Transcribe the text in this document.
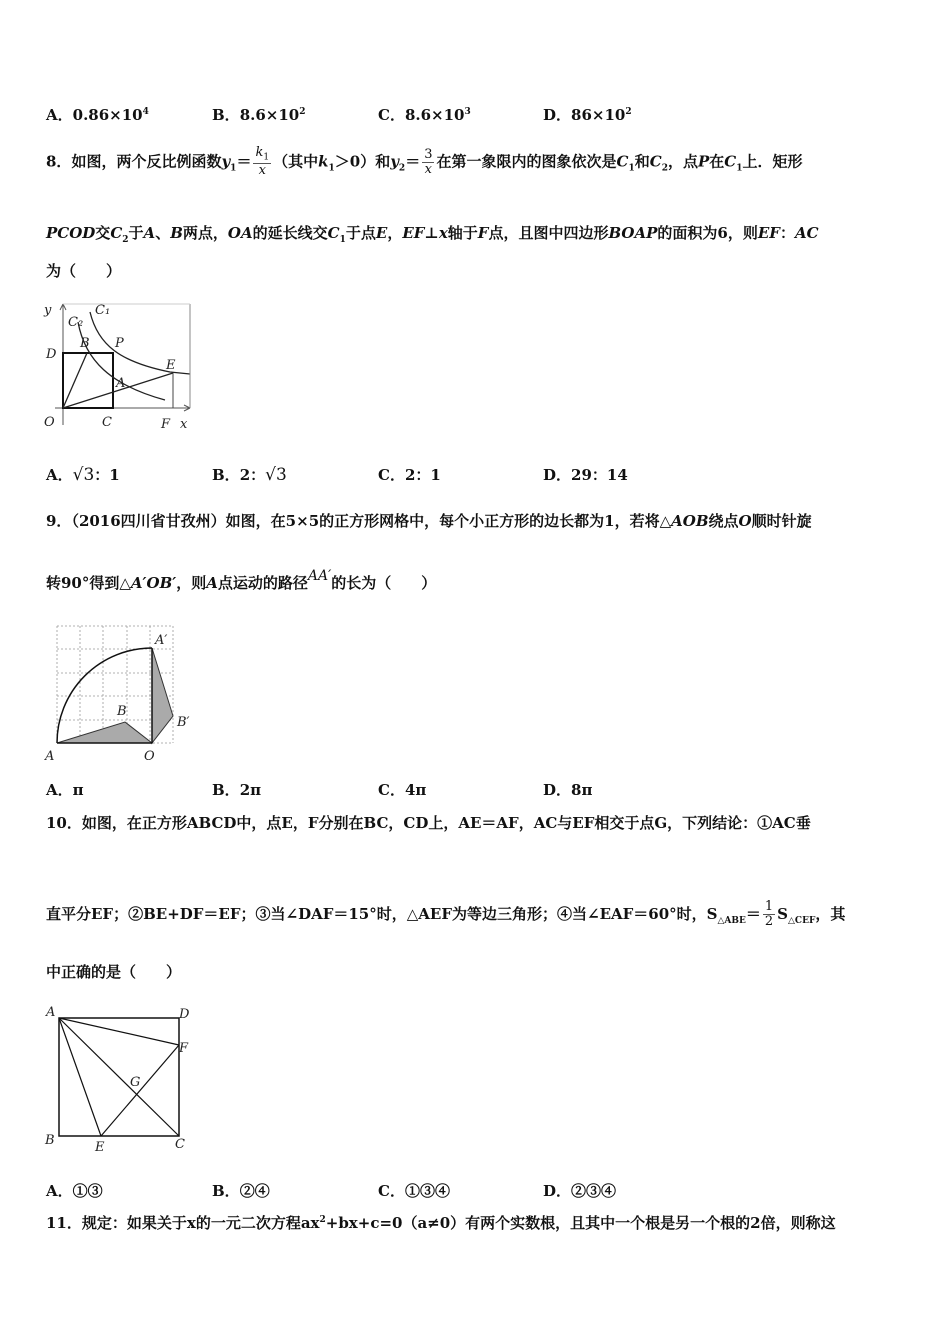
A．$0.86\times 10^4$	B．$8.6\times 10^2$	C．$8.6\times 10^3$	D．$86\times 10^2$
8．如图，两个反比例函数$y_1= \frac{k_1}{x}$ （其中$k_1>0$）和$y_2= \frac{3}{x}$ 在第一象限内的图象依次是$C_1$和$C_2$，点P在$C_1$上．矩形
PCOD交$C_2$于A、B两点，OA的延长线交$C_1$于点E，EF⊥x轴于F点，且图中四边形BOAP的面积为6，则EF：AC
为（　　）
y
C₂
C₁
D
B P
E
A
O	C	F x
A．√3：1	B．2：√3	C．2：1	D．29：14
9．（2016四川省甘孜州）如图，在5×5的正方形网格中，每个小正方形的边长都为1，若将△AOB绕点O顺时针旋
转90°得到△A′OB′，则A点运动的路径AA′的长为（　　）
A′
B
B′
A	O
A．π	B．2π	C．4π	D．8π
10．如图，在正方形ABCD中，点E，F分别在BC，CD上，AE＝AF，AC与EF相交于点G，下列结论：①AC垂
直平分EF；②BE+DF＝EF；③当∠DAF＝15°时，△AEF为等边三角形；④当∠EAF＝60°时，$S_{\triangle ABE}= \frac{1}{2} S_{\triangle CEF}$，其
中正确的是（　　）
A	D
F
G
B	E	C
A．①③	B．②④	C．①③④	D．②③④
11．规定：如果关于x的一元二次方程$ax^2+bx+c=0(a\ne 0)$有两个实数根，且其中一个根是另一个根的2倍，则称这
